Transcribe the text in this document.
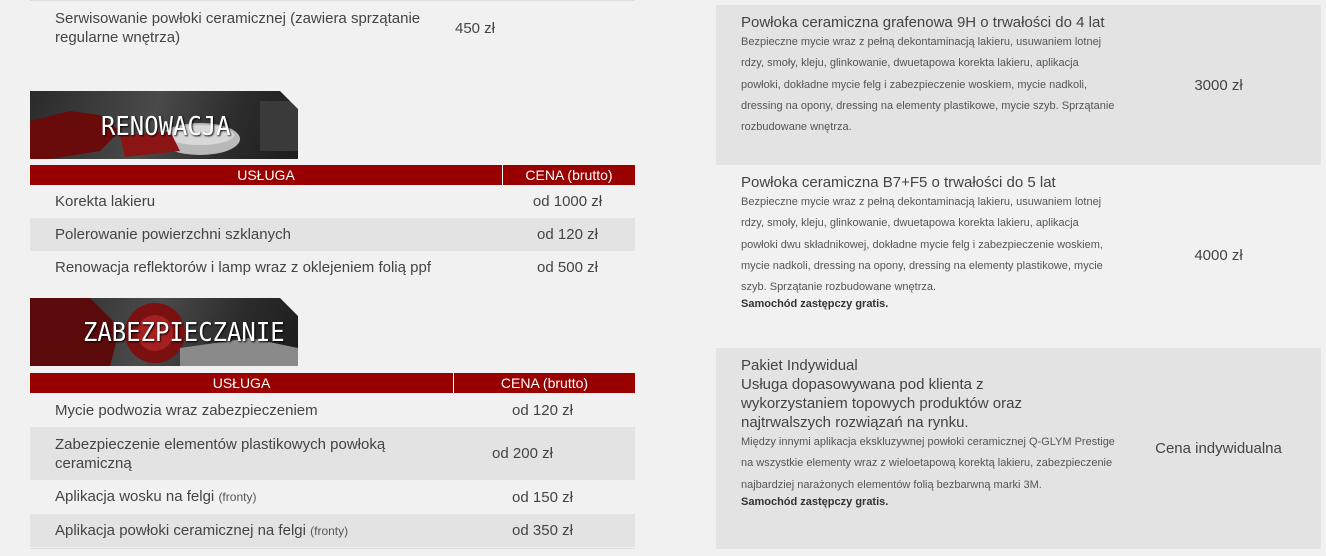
Serwisowanie powłoki ceramicznej (zawiera sprzątanie regularne wnętrza)
450 zł
RENOWACJA
USŁUGA	CENA (brutto)
Korekta lakieru	od 1000 zł
Polerowanie powierzchni szklanych	od 120 zł
Renowacja reflektorów i lamp wraz z oklejeniem folią ppf	od 500 zł
ZABEZPIECZANIE
USŁUGA	CENA (brutto)
Mycie podwozia wraz zabezpieczeniem	od 120 zł
Zabezpieczenie elementów plastikowych powłoką ceramiczną
od 200 zł
Aplikacja wosku na felgi (fronty)	od 150 zł
Aplikacja powłoki ceramicznej na felgi (fronty)	od 350 zł
Powłoka ceramiczna grafenowa 9H o trwałości do 4 lat
Bezpieczne mycie wraz z pełną dekontaminacją lakieru, usuwaniem lotnej rdzy, smoły, kleju, glinkowanie, dwuetapowa korekta lakieru, aplikacja powłoki, dokładne mycie felg i zabezpieczenie woskiem, mycie nadkoli, dressing na opony, dressing na elementy plastikowe, mycie szyb. Sprzątanie rozbudowane wnętrza.
3000 zł
Powłoka ceramiczna B7+F5 o trwałości do 5 lat
Bezpieczne mycie wraz z pełną dekontaminacją lakieru, usuwaniem lotnej rdzy, smoły, kleju, glinkowanie, dwuetapowa korekta lakieru, aplikacja powłoki dwu składnikowej, dokładne mycie felg i zabezpieczenie woskiem, mycie nadkoli, dressing na opony, dressing na elementy plastikowe, mycie szyb. Sprzątanie rozbudowane wnętrza.
Samochód zastępczy gratis.
4000 zł
Pakiet Indywidual
Usługa dopasowywana pod klienta z wykorzystaniem topowych produktów oraz najtrwalszych rozwiązań na rynku.
Między innymi aplikacja ekskluzywnej powłoki ceramicznej Q-GLYM Prestige na wszystkie elementy wraz z wieloetapową korektą lakieru, zabezpieczenie najbardziej narażonych elementów folią bezbarwną marki 3M.
Samochód zastępczy gratis.
Cena indywidualna
